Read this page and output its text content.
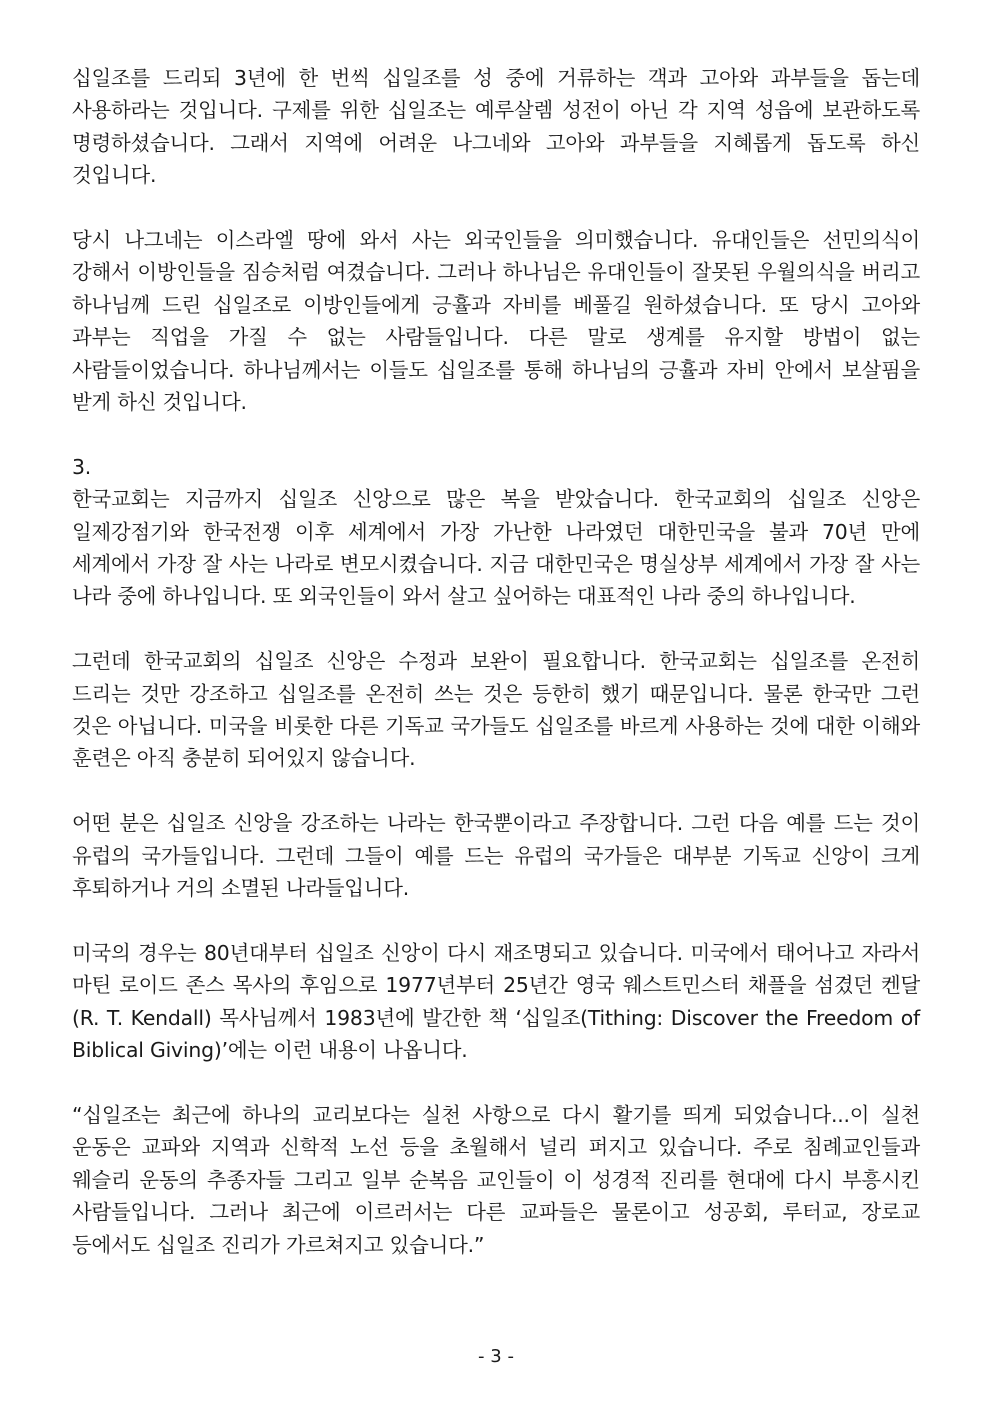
십일조를 드리되 3년에 한 번씩 십일조를 성 중에 거류하는 객과 고아와 과부들을 돕는데 사용하라는 것입니다. 구제를 위한 십일조는 예루살렘 성전이 아닌 각 지역 성읍에 보관하도록 명령하셨습니다. 그래서 지역에 어려운 나그네와 고아와 과부들을 지혜롭게 돕도록 하신 것입니다.

당시 나그네는 이스라엘 땅에 와서 사는 외국인들을 의미했습니다. 유대인들은 선민의식이 강해서 이방인들을 짐승처럼 여겼습니다. 그러나 하나님은 유대인들이 잘못된 우월의식을 버리고 하나님께 드린 십일조로 이방인들에게 긍휼과 자비를 베풀길 원하셨습니다. 또 당시 고아와 과부는 직업을 가질 수 없는 사람들입니다. 다른 말로 생계를 유지할 방법이 없는 사람들이었습니다. 하나님께서는 이들도 십일조를 통해 하나님의 긍휼과 자비 안에서 보살핌을 받게 하신 것입니다.

3.

한국교회는 지금까지 십일조 신앙으로 많은 복을 받았습니다. 한국교회의 십일조 신앙은 일제강점기와 한국전쟁 이후 세계에서 가장 가난한 나라였던 대한민국을 불과 70년 만에 세계에서 가장 잘 사는 나라로 변모시켰습니다. 지금 대한민국은 명실상부 세계에서 가장 잘 사는 나라 중에 하나입니다. 또 외국인들이 와서 살고 싶어하는 대표적인 나라 중의 하나입니다.

그런데 한국교회의 십일조 신앙은 수정과 보완이 필요합니다. 한국교회는 십일조를 온전히 드리는 것만 강조하고 십일조를 온전히 쓰는 것은 등한히 했기 때문입니다. 물론 한국만 그런 것은 아닙니다. 미국을 비롯한 다른 기독교 국가들도 십일조를 바르게 사용하는 것에 대한 이해와 훈련은 아직 충분히 되어있지 않습니다.

어떤 분은 십일조 신앙을 강조하는 나라는 한국뿐이라고 주장합니다. 그런 다음 예를 드는 것이 유럽의 국가들입니다. 그런데 그들이 예를 드는 유럽의 국가들은 대부분 기독교 신앙이 크게 후퇴하거나 거의 소멸된 나라들입니다.

미국의 경우는 80년대부터 십일조 신앙이 다시 재조명되고 있습니다. 미국에서 태어나고 자라서 마틴 로이드 존스 목사의 후임으로 1977년부터 25년간 영국 웨스트민스터 채플을 섬겼던 켄달(R. T. Kendall) 목사님께서 1983년에 발간한 책 ‘십일조(Tithing: Discover the Freedom of Biblical Giving)’에는 이런 내용이 나옵니다.

“십일조는 최근에 하나의 교리보다는 실천 사항으로 다시 활기를 띄게 되었습니다...이 실천 운동은 교파와 지역과 신학적 노선 등을 초월해서 널리 퍼지고 있습니다. 주로 침례교인들과 웨슬리 운동의 추종자들 그리고 일부 순복음 교인들이 이 성경적 진리를 현대에 다시 부흥시킨 사람들입니다. 그러나 최근에 이르러서는 다른 교파들은 물론이고 성공회, 루터교, 장로교 등에서도 십일조 진리가 가르쳐지고 있습니다.”

- 3 -
